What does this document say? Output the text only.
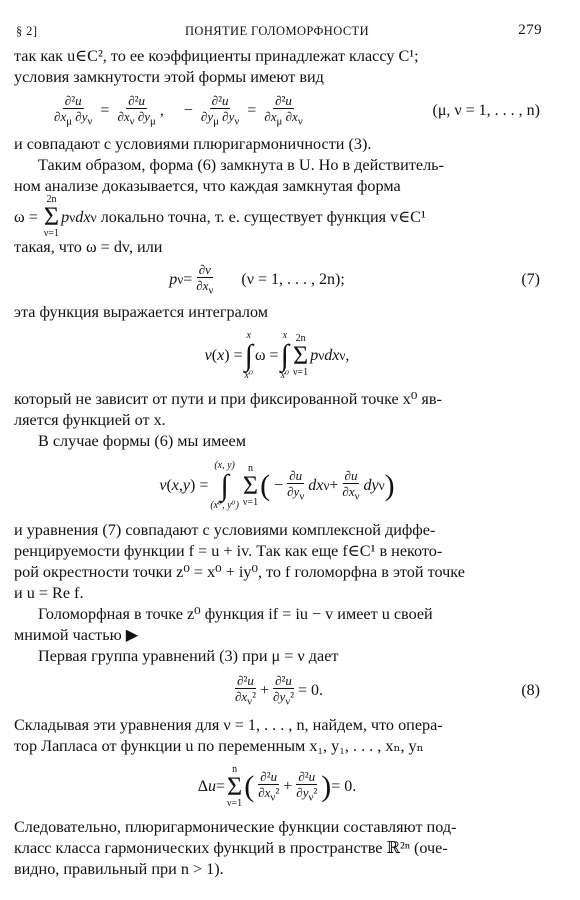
§ 2]	ПОНЯТИЕ ГОЛОМОРФНОСТИ	279

так как u∈C², то ее коэффициенты принадлежат классу C¹;

условия замкнутости этой формы имеют вид

$\frac{\text{∂²u}}{\partial x_\mu \partial y_\nu} = \frac{\text{∂²u}}{\partial x_\nu \partial y_\mu}$ ,     − $\frac{\text{∂²u}}{\partial y_\mu \partial y_\nu} = \frac{\text{∂²u}}{\partial x_\mu \partial x_\nu}$	(μ, ν = 1, . . . , n)

и совпадают с условиями плюригармоничности (3).

Таким образом, форма (6) замкнута в U. Но в действитель-

ном анализе доказывается, что каждая замкнутая форма

ω =
2n
Σ
ν=1
p ν dx ν
локально точна, т. е. существует функция v∈C¹

такая, что ω = dv, или

p $\nu = \frac{\partial v}{\partial x_\nu}$
(ν = 1, . . . , 2n);	(7)

эта функция выражается интегралом

v ( x ) =
x
∫
x⁰
ω =
x
∫
x⁰
2n
Σ
ν=1
p ν dx ν ,

который не зависит от пути и при фиксированной точке x⁰ яв-

ляется функцией от x.

В случае формы (6) мы имеем

v ( x , y ) =
(x, y)
∫
(x⁰, y⁰)
n
Σ
ν=1
( − $\frac{\partial u}{\partial y_\nu}$ dx $\nu + \frac{\partial u}{\partial x_\nu}$ dy ν )

и уравнения (7) совпадают с условиями комплексной диффе-

ренцируемости функции f = u + iv. Так как еще f∈C¹ в некото-

рой окрестности точки z⁰ = x⁰ + iy⁰, то f голоморфна в этой точке

и u = Re f.

Голоморфная в точке z⁰ функция if = iu − v имеет u своей

мнимой частью ▶

Первая группа уравнений (3) при μ = ν дает

$\frac{\text{∂²u}}{\partial x_\nu^2} + \frac{\text{∂²u}}{\partial y_\nu^2} = 0$.	(8)

Складывая эти уравнения для ν = 1, . . . , n, найдем, что опера-

тор Лапласа от функции u по переменным x₁, y₁, . . . , xₙ, yₙ

Δ u =
n
Σ
ν=1
( $\frac{\text{∂²u}}{\partial x_\nu^2} + \frac{\text{∂²u}}{\partial y_\nu^2}$ ) = 0.

Следовательно, плюригармонические функции составляют под-

класс класса гармонических функций в пространстве ℝ²ⁿ (оче-

видно, правильный при n > 1).
